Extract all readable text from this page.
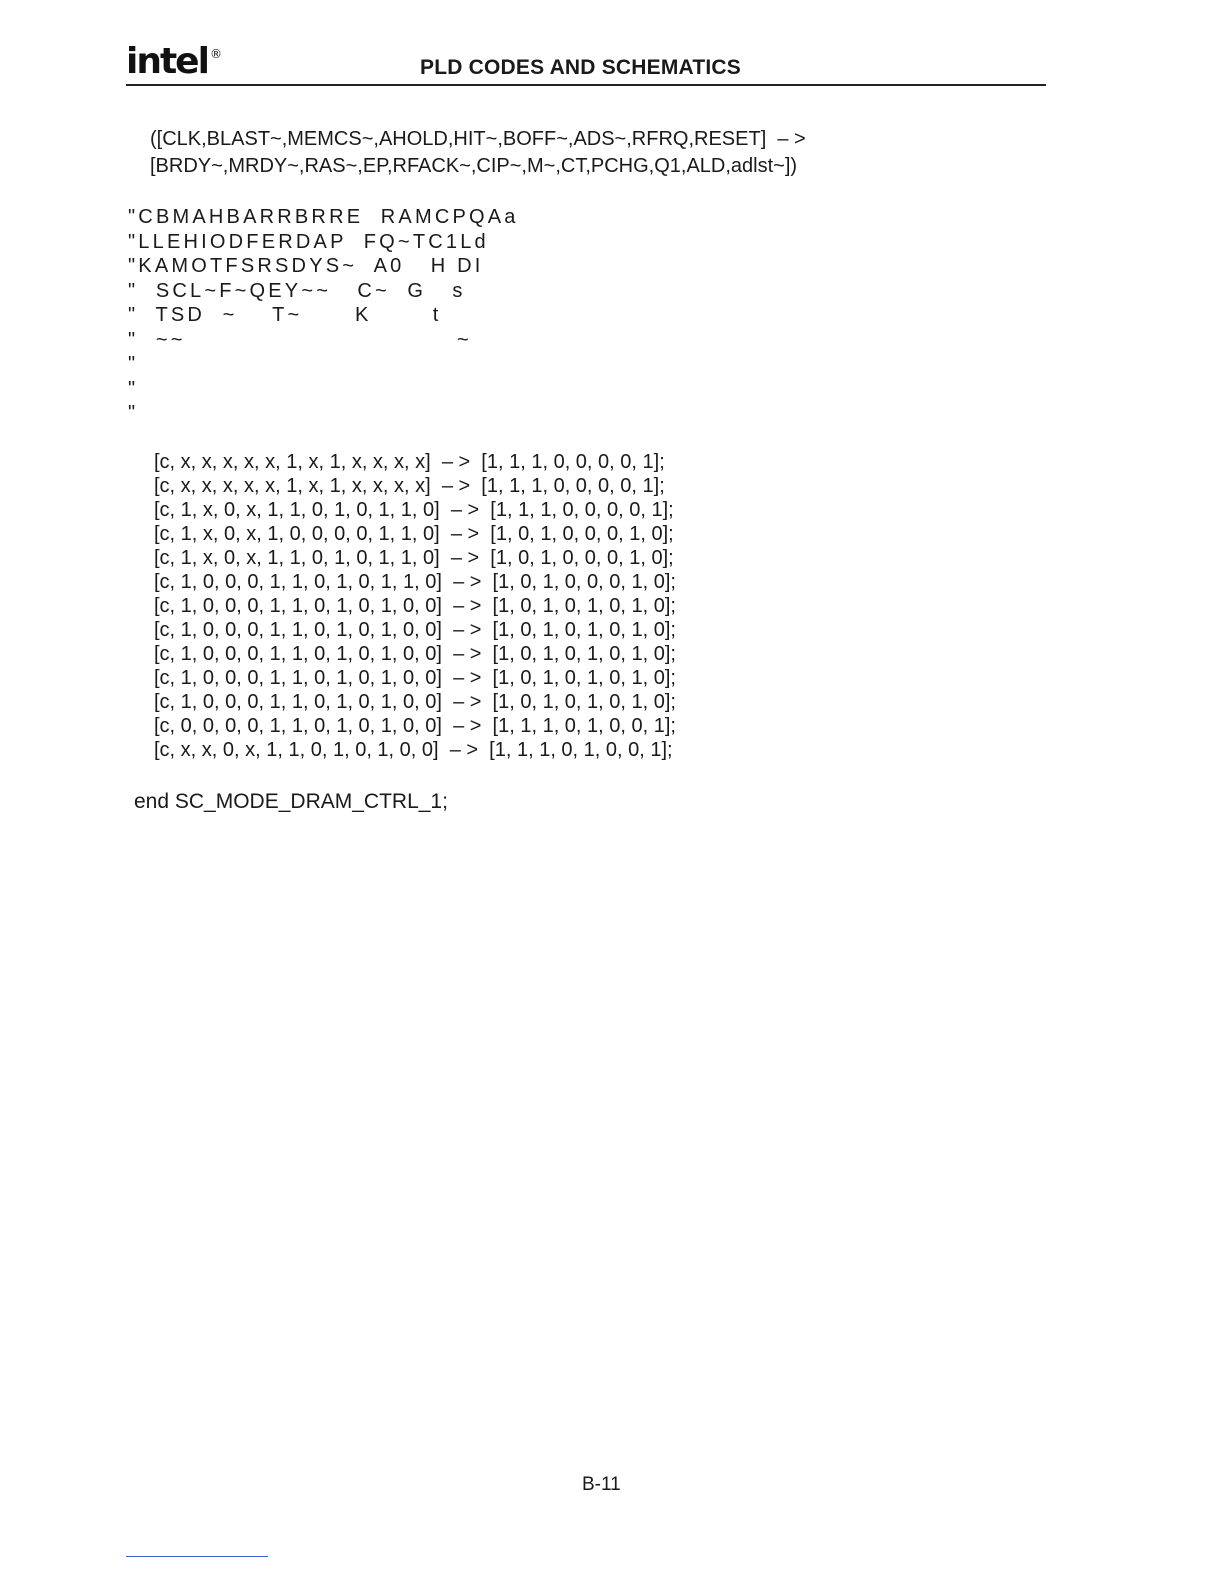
intel ®
PLD CODES AND SCHEMATICS
([CLK,BLAST~,MEMCS~,AHOLD,HIT~,BOFF~,ADS~,RFRQ,RESET]  – >
[BRDY~,MRDY~,RAS~,EP,RFACK~,CIP~,M~,CT,PCHG,Q1,ALD,adlst~])
"CBMAHBARRBRRE  RAMCPQAa
"LLEHIODFERDAP  FQ~TC1Ld
"KAMOTFSRSDYS~  A0   H DI
"  SCL~F~QEY~~   C~  G   s
"  TSD  ~    T~      K       t
"  ~~                               ~
"
"
"
[c, x, x, x, x, x, 1, x, 1, x, x, x, x]  – >  [1, 1, 1, 0, 0, 0, 0, 1];
[c, x, x, x, x, x, 1, x, 1, x, x, x, x]  – >  [1, 1, 1, 0, 0, 0, 0, 1];
[c, 1, x, 0, x, 1, 1, 0, 1, 0, 1, 1, 0]  – >  [1, 1, 1, 0, 0, 0, 0, 1];
[c, 1, x, 0, x, 1, 0, 0, 0, 0, 1, 1, 0]  – >  [1, 0, 1, 0, 0, 0, 1, 0];
[c, 1, x, 0, x, 1, 1, 0, 1, 0, 1, 1, 0]  – >  [1, 0, 1, 0, 0, 0, 1, 0];
[c, 1, 0, 0, 0, 1, 1, 0, 1, 0, 1, 1, 0]  – >  [1, 0, 1, 0, 0, 0, 1, 0];
[c, 1, 0, 0, 0, 1, 1, 0, 1, 0, 1, 0, 0]  – >  [1, 0, 1, 0, 1, 0, 1, 0];
[c, 1, 0, 0, 0, 1, 1, 0, 1, 0, 1, 0, 0]  – >  [1, 0, 1, 0, 1, 0, 1, 0];
[c, 1, 0, 0, 0, 1, 1, 0, 1, 0, 1, 0, 0]  – >  [1, 0, 1, 0, 1, 0, 1, 0];
[c, 1, 0, 0, 0, 1, 1, 0, 1, 0, 1, 0, 0]  – >  [1, 0, 1, 0, 1, 0, 1, 0];
[c, 1, 0, 0, 0, 1, 1, 0, 1, 0, 1, 0, 0]  – >  [1, 0, 1, 0, 1, 0, 1, 0];
[c, 0, 0, 0, 0, 1, 1, 0, 1, 0, 1, 0, 0]  – >  [1, 1, 1, 0, 1, 0, 0, 1];
[c, x, x, 0, x, 1, 1, 0, 1, 0, 1, 0, 0]  – >  [1, 1, 1, 0, 1, 0, 0, 1];
end SC_MODE_DRAM_CTRL_1;
B-11
